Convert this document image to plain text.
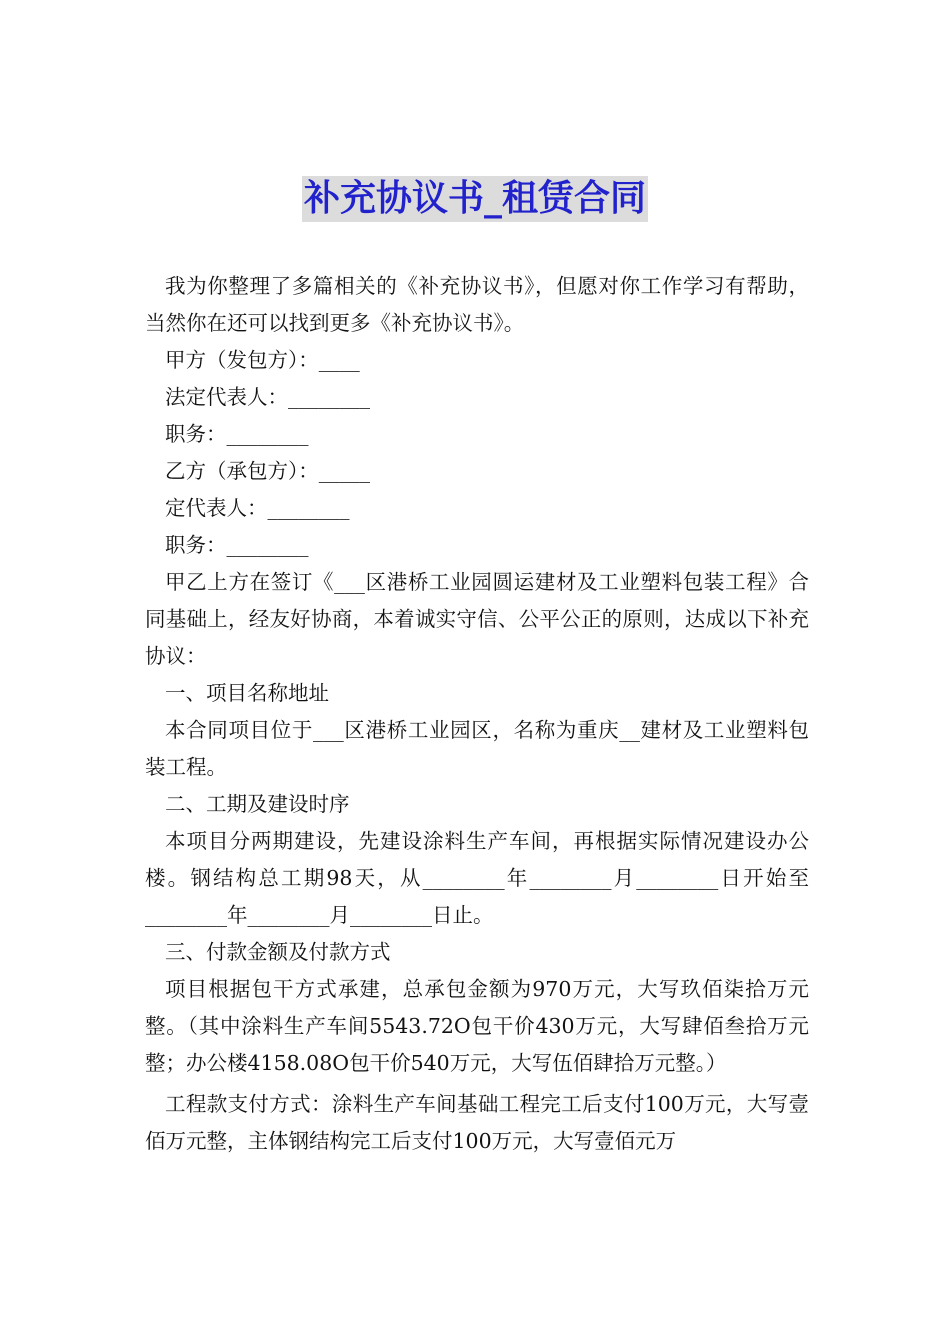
补充协议书_租赁合同

我为你整理了多篇相关的《补充协议书》，但愿对你工作学习有帮助，当然你在还可以找到更多《补充协议书》。

甲方（发包方）：____

法定代表人：________

职务：________

乙方（承包方）：_____

定代表人：________

职务：________

甲乙上方在签订《___区港桥工业园圆运建材及工业塑料包装工程》合同基础上，经友好协商，本着诚实守信、公平公正的原则，达成以下补充协议：

一、项目名称地址

本合同项目位于___区港桥工业园区，名称为重庆__建材及工业塑料包装工程。

二、工期及建设时序

本项目分两期建设，先建设涂料生产车间，再根据实际情况建设办公楼。钢结构总工期98天，从________年________月________日开始至________年________月________日止。

三、付款金额及付款方式

项目根据包干方式承建，总承包金额为970万元，大写玖佰柒拾万元整。（其中涂料生产车间5543.72O包干价430万元，大写肆佰叁拾万元整；办公楼4158.08O包干价540万元，大写伍佰肆拾万元整。）

工程款支付方式：涂料生产车间基础工程完工后支付100万元，大写壹佰万元整，主体钢结构完工后支付100万元，大写壹佰元万
